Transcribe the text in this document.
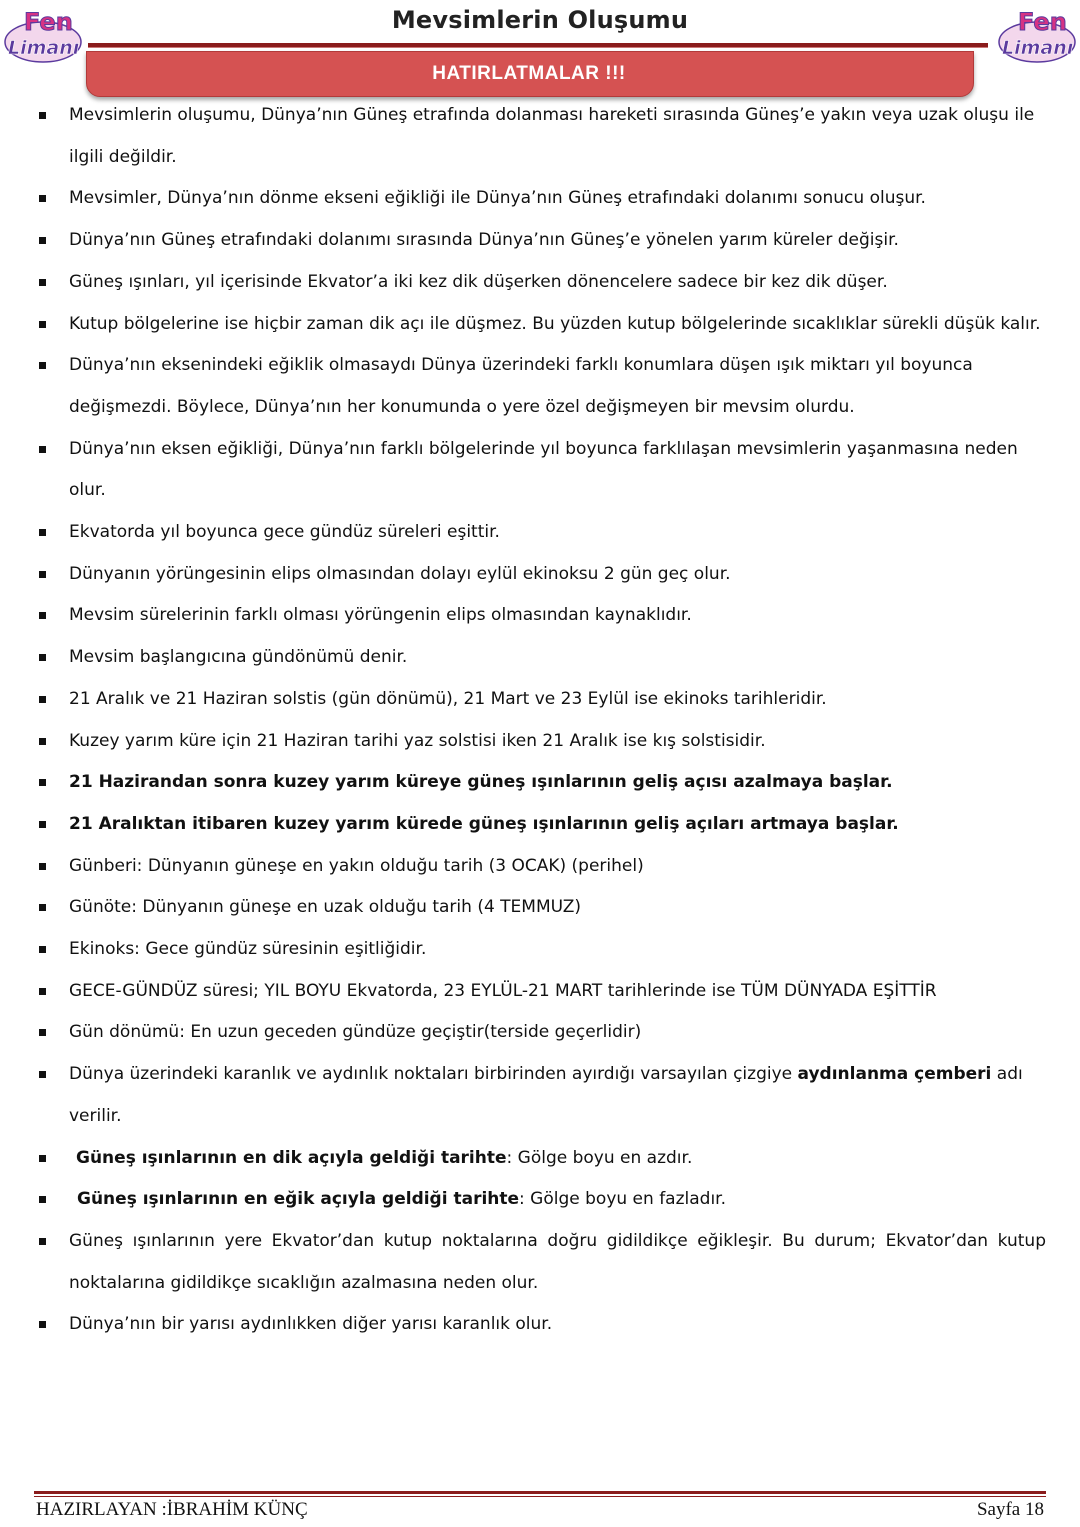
Fen
Limanı
Fen
Limanı
Mevsimlerin Oluşumu
HATIRLATMALAR !!!
Mevsimlerin oluşumu, Dünya’nın Güneş etrafında dolanması hareketi sırasında Güneş’e yakın veya uzak oluşu ile ilgili değildir.
Mevsimler, Dünya’nın dönme ekseni eğikliği ile Dünya’nın Güneş etrafındaki dolanımı sonucu oluşur.
Dünya’nın Güneş etrafındaki dolanımı sırasında Dünya’nın Güneş’e yönelen yarım küreler değişir.
Güneş ışınları, yıl içerisinde Ekvator’a iki kez dik düşerken dönencelere sadece bir kez dik düşer.
Kutup bölgelerine ise hiçbir zaman dik açı ile düşmez. Bu yüzden kutup bölgelerinde sıcaklıklar sürekli düşük kalır.
Dünya’nın eksenindeki eğiklik olmasaydı Dünya üzerindeki farklı konumlara düşen ışık miktarı yıl boyunca değişmezdi. Böylece, Dünya’nın her konumunda o yere özel değişmeyen bir mevsim olurdu.
Dünya’nın eksen eğikliği, Dünya’nın farklı bölgelerinde yıl boyunca farklılaşan mevsimlerin yaşanmasına neden olur.
Ekvatorda yıl boyunca gece gündüz süreleri eşittir.
Dünyanın yörüngesinin elips olmasından dolayı eylül ekinoksu 2 gün geç olur.
Mevsim sürelerinin farklı olması yörüngenin elips olmasından kaynaklıdır.
Mevsim başlangıcına gündönümü denir.
21 Aralık ve 21 Haziran solstis (gün dönümü), 21 Mart ve 23 Eylül ise ekinoks tarihleridir.
Kuzey yarım küre için 21 Haziran tarihi yaz solstisi iken 21 Aralık ise kış solstisidir.
21 Hazirandan sonra kuzey yarım küreye güneş ışınlarının geliş açısı azalmaya başlar.
21 Aralıktan itibaren kuzey yarım kürede güneş ışınlarının geliş açıları artmaya başlar.
Günberi: Dünyanın güneşe en yakın olduğu tarih (3 OCAK) (perihel)
Günöte: Dünyanın güneşe en uzak olduğu tarih (4 TEMMUZ)
Ekinoks: Gece gündüz süresinin eşitliğidir.
GECE-GÜNDÜZ süresi; YIL BOYU Ekvatorda, 23 EYLÜL-21 MART tarihlerinde ise TÜM DÜNYADA EŞİTTİR
Gün dönümü: En uzun geceden gündüze geçiştir(terside geçerlidir)
Dünya üzerindeki karanlık ve aydınlık noktaları birbirinden ayırdığı varsayılan çizgiye aydınlanma çemberi adı verilir.
Güneş ışınlarının en dik açıyla geldiği tarihte: Gölge boyu en azdır.
Güneş ışınlarının en eğik açıyla geldiği tarihte: Gölge boyu en fazladır.
Güneş ışınlarının yere Ekvator’dan kutup noktalarına doğru gidildikçe eğikleşir. Bu durum; Ekvator’dan kutup noktalarına gidildikçe sıcaklığın azalmasına neden olur.
Dünya’nın bir yarısı aydınlıkken diğer yarısı karanlık olur.
HAZIRLAYAN :İBRAHİM KÜNÇ	Sayfa 18
